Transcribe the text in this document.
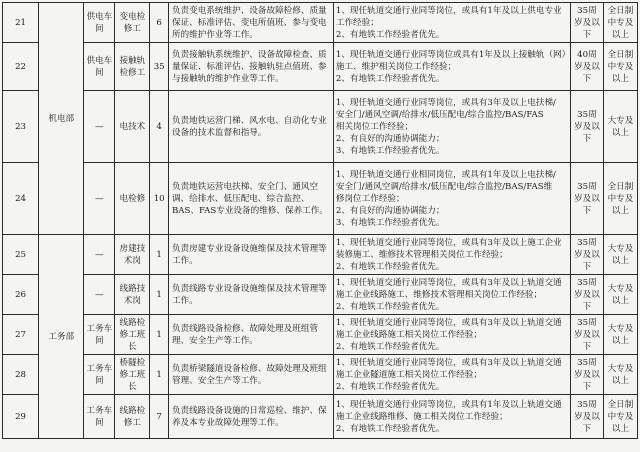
21	机电部	供电车间	变电检修工	6	负责变电系统维护、设备故障检修、质量保证、标准评估、变电所值班、参与变电所的维护作业等工作。	1、现任轨道交通行业同等岗位，或具有1年及以上供电专业工作经验；
2、有地铁工作经验者优先。	35周岁及以下	全日制中专及以上
22		供电车间	接触轨检修工	35	负责接触轨系统维护、设备故障检查、质量保证、标准评估、接触轨驻点值班、参与接触轨的维护作业等工作。	1、现任轨道交通行业同等岗位或具有1年及以上接触轨（网）施工、维护相关岗位工作经验；
2、有地铁工作经验者优先。	40周岁及以下	全日制中专及以上
23		—	电技术	4	负责地铁运营门梯、风水电、自动化专业设备的技术监督和指导。	1、现任轨道交通行业同等岗位，或具有3年及以上电扶梯/
安全门/通风空调/给排水/低压配电/综合监控/BAS/FAS
相关岗位工作经验；
2、有良好的沟通协调能力；
3、有地铁工作经验者优先。	35周岁及以下	大专及以上
24		—	电检修	10	负责地铁运营电扶梯、安全门、通风空调、给排水、低压配电、综合监控、BAS、FAS专业设备的维修、保养工作。	1、现任轨道交通行业相同岗位，或具有1年及以上电扶梯/
安全门/通风空调/给排水/低压配电/综合监控/BAS/FAS维
修岗位工作经验；
2、有良好的沟通协调能力；
3、有地铁工作经验者优先。	35周岁及以下	全日制中专及以上
25	工务部	—	房建技术岗	1	负责房建专业设备设施维保及技术管理等工作。	1、现任轨道交通行业同等岗位，或具有3年及以上施工企业装修施工、维修技术管理相关岗位工作经验；
2、有地铁工作经验者优先。	35周岁及以下	大专及以上
26		—	线路技术岗	1	负责线路专业设备设施维保及技术管理等工作。	1、现任轨道交通行业同等岗位，或具有3年及以上轨道交通施工企业线路施工、维修技术管理相关岗位工作经验；
2、有地铁工作经验者优先。	35周岁及以下	大专及以上
27		工务车间	线路检修工班长	1	负责线路设备检修、故障处理及班组管理、安全生产等工作。	1、现任轨道交通行业同等岗位，或具有3年及以上轨道交通施工企业线路施工相关岗位工作经验；
2、有地铁工作经验者优先。	35周岁及以下	大专及以上
28		工务车间	桥隧检修工班长	1	负责桥梁隧道设备检修、故障处理及班组管理、安全生产等工作。	1、现任轨道交通行业同等岗位，或具有3年及以上轨道交通施工企业隧道施工相关岗位工作经验；
2、有地铁工作经验者优先。	35周岁及以下	大专及以上
29		工务车间	线路检修工	7	负责线路设备设施的日常巡检、维护、保养及本专业故障处理等工作。	1、现任轨道交通行业同等岗位，或具有1年及以上轨道交通施工企业线路维修、施工相关岗位工作经验；
2、有地铁工作经验者优先。	35周岁及以下	全日制中专及以上
